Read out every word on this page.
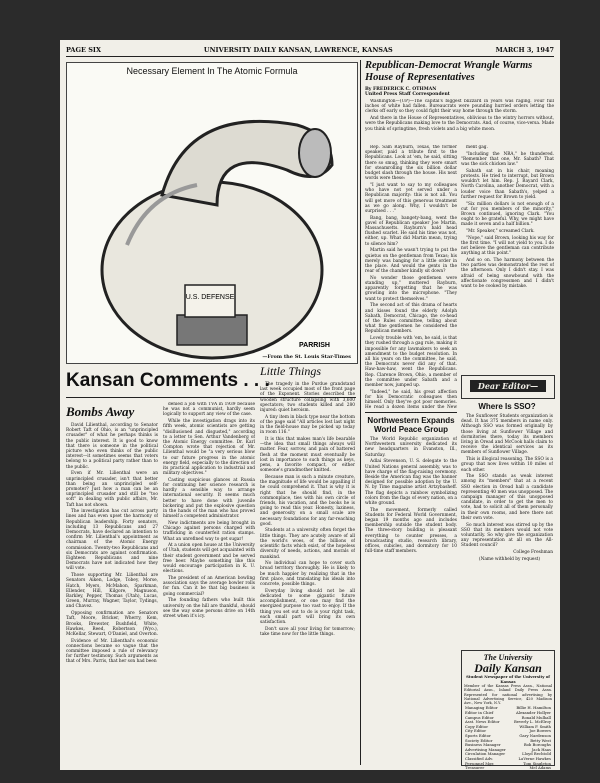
PAGE SIX	UNIVERSITY DAILY KANSAN, LAWRENCE, KANSAS	MARCH 3, 1947
Necessary Element In The Atomic Formula
U.S. DEFENSE
PARRISH
—From the St. Louis Star-Times
Kansan Comments . . .
Bombs Away

David Lilienthal, according to Senator Robert Taft of Ohio, is an "unprincipled crusader" of what he perhaps thinks is the public interest. It is good to know that there is someone in the political picture who even thinks of the public interest—it sometimes seems that voters belong to a political party rather than to the public.

Even if Mr. Lilienthal were an unprincipled crusader, isn't that better than being an unprincipled self-promoter? Just how a man can be an unprincipled crusader and still be "too soft" in dealing with public affairs, Mr. Taft has not shown.

The investigation has cut across party lines and has even upset the harmony of Republican leadership. Forty senators, including 13 Republicans and 27 Democrats, have declared an intention to confirm Mr. Lilienthal's appointment as chairman of the Atomic Energy commission. Twenty-two Republicans and six Democrats are against confirmation. Eighteen Republicans and nine Democrats have not indicated how they will vote.

Those supporting Mr. Lilienthal are Senators Aiken, Lodge, Tobey, Morse, Hatch, Myers, McMahon, Sparkman, Ellender, Hill, Kilgore, Magnuson, Barkley, Pepper, Thomas (Utah), Lucas, Green, Murray, Wagner, Taylor, Tydings, and Chavez.

Opposing confirmation are Senators Taft, Moore, Bricker, Wherry, Kem, Brooks, Brewster, Bushfield, White, Hawkes, Reed, Robertson (Wyo.), McKellar, Stewart, O'Daniel, and Overton.

Evidence of Mr. Lilienthal's economic connections became so vague that the committee imposed a rule of relevancy for further testimony. Such arguments as that of Mrs. Parris, that her son had been

denied a job with TVA in 1939 because he was not a communist, hardly seem logically to support any view of the case.

While the investigation drags into its fifth week, atomic scientists are getting "disillusioned and disgusted," according to a letter to Sen. Arthur Vandenberg of the Atomic Energy committee. Dr. Karl Compton wrote that rejection of Mr. Lilienthal would be "a very serious blow to our future progress in the atomic energy field, especially to the direction of its practical application to industrial and military objectives."

Casting suspicious glances at Russia for continuing her science research is hardly a sensible way to arrange international security. It seems much better to have done with juvenile bickering and put the explosive question in the hands of the man who has proved himself a competent administrator.

New indictments are being brought in Chicago against persons charged with trafficking in counterfeit ration stamps. What an unrefined way to get sugar!

At a union open house at the University of Utah, students will get acquainted with their student government and be served free beer. Maybe something like this would encourage participation in K. U. elections.

The president of an American bowling association says the average bowler rolls for fun. Can it be that big business is going commercial?

The founding fathers who built this university on the hill are thankful, should see the way some persons drive on 14th street when it's icy.

Little Things

The tragedy in the Purdue grandstand last week occupied most of the front page of the Exponent. Stories described the wooden structure collapsing with 3,600 spectators; two students killed and 280 injured: quiet heroism.

A tiny item in black type near the bottom of the page said "All articles lost last night in the field-house may be picked up today in room 116."

It is this that makes man's life bearable—the idea that small things always will matter. Fear, sorrow, and pain of battered flesh at the moment must eventually be lost in importance to such things as keys, pens, a favorite compact, or either someone's grandmother knitted.

Because man is such a minute creature, the magnitude of life would be appalling if he could comprehend it. That is why it is right that he should find, in the commonplace, ties with his own circle of friends, his vacation, and the books he is going to read this year. Honesty, laziness, and generosity on a small scale are necessary foundations for any far-reaching good.

Students at a university often forget the little things. They are acutely aware of all the world's woes, of the billions of scientific facts which exist, of the hopeless diversity of needs, actions, and morals of mankind.

No individual can hope to cover such broad territory thoroughly. He is likely to be much happier by realizing that in the first place, and translating his ideals into concrete, possible things.

Everyday living should not be all dedicated to some gigantic future accomplishment, or one may find the energized purpose too vast to enjoy. If the thing you set out to do is your right task, each small part will bring its own satisfaction.

Don't save all your living for tomorrow; take time now for the little things.

Republican-Democrat Wrangle Warms House of Representatives
By FREDERICK C. OTHMAN
United Press Staff Correspondent

Washington—(UP)—The capital's biggest blizzard in years was raging. Four full inches of white had fallen. Bureaucrats were pounding hurried orders letting the clerks off early so they could fight their way home through the storm.

And there in the House of Representatives, oblivious to the wintry horrors without, were the Republicans making love to the Democrats. And, of course, vice-versa. Made you think of springtime, fresh violets and a big white moon.

Rep. Sam Rayburn, Texas, the former speaker, paid a tribute first to the Republicans. Look at 'em, he said, sitting there so smug, thinking they were smart for steamrolling the six billion dollar budget slash through the house. His next words were these:

"I just want to say to my colleagues who have not yet served under a Republican majority: this is not all. You will get more of this generous treatment as we go along. Why, I wouldn't be surprised . . ."

Bang, bang, bangety-bang, went the gavel of Republican speaker Joe Martin, Massachusetts. Rayburn's bald head flushed scarlet. He said his time was not, either, up. What did Martin mean, trying to silence him?

Martin said he wasn't trying to put the quietus on the gentleman from Texas; his merely was banging for a little order in the place. And would the gents in the rear of the chamber kindly sit down?

No wonder those gentlemen were standing up," muttered Rayburn, apparently forgetting that he was growling into the microphone. "They want to protect themselves."

The second act of this drama of hearts and kisses found the elderly Adolph Sabath, Democrat, Chicago, the co-head of the Rules committee, telling about what fine gentlemen he considered the Republican members.

Lovely trouble with 'em, he said, is that they rushed through a gag rule, making it impossible for any lawmakers to seek an amendment to the budget resolution. In all his years on the committee, he said, the Democrats never did any of that. Haw-haw-haw, went the Republicans. Rep. Clarence Brown, Ohio, a member of the committee under Sabath and a member now, jumped up.

"Indeed," he said, his great affection for his Democratic colleagues then himself. Only they've got poor memories. He read a dozen items under the New

ment gag.

"Including the NRA," he thundered. "Remember that one, Mr. Sabath? That was the sick chicken law."

Sabath sat in his chair, moaning protests. He tried to interrupt, but Brown wouldn't let him. Rep. J. Bayard Clark, North Carolina, another Democrat, with a louder voice than Sabath's, yelped a further request for Brown to yield.

"Six million dollars is not enough of a cut for you members of the minority," Brown continued, ignoring Clark. "You ought to be grateful. Why, we might have made it seven and a half billion."

"Mr. Speaker," screamed Clark.

"Nope," said Brown, looking his way for the first time. "I will not yield to you. I do not believe the gentleman can contribute anything at this point."

And so on. The harmony between the two parties was demonstrated the rest of the afternoon. Only I didn't stay. I was afraid of being snowbound with the affectionate congressmen and I didn't want to be cooked by mistake.

Northwestern Expands World Peace Group

The World Republic organization of Northwestern university dedicated its new headquarters in Evanston, Ill., Saturday.

Adlai Stevenson, U. S. delegate to the United Nations general assembly, was to have charge of the flag-raising ceremony. Beside the American flag was the banner designed for possible adoption by the U. N. by Time magazine artist Artzybasheff. The flag depicts a rainbow symbolizing colors from the flags of every nation, on a white ground.

The movement, formerly called Students for Federal World Government, began 19 months ago and includes membership outside the student body. The three-story building is pleasant everything to counter presses, a broadcasting studio, research library, offices, cubicles, and dormitory for 10 full-time staff members.

Dear Editor—
Where Is SSO?

The Sunflower Students organization is dead. It has 375 members in name only. Although SSO was formed originally by those living at Sunflower Village and dormitories there, today its members living in Oread and McCook halls claim to receive the identical services as its members of Sunflower Village.

This is illogical reasoning. The SSO is a group that now lives within 10 miles of each other.

The SSO stands as weak interest among its "members" that at a recent SSO election in Oread hall a candidate representing 40 men was unopposed. The campaign manager of this unopposed candidate, in order to get the men to vote, had to solicit all of them personally in their own rooms, and here there not their own vote.

So much interest was stirred up by the SSO that its members would not vote voluntarily. So why give the organization any representation at all on the All-Student council?

College Freshman

(Name withheld by request)

The University
Daily Kansan
Student Newspaper of the University of Kansas
Member of the Kansas Press Assn., National Editorial Assn., Inland Daily Press Assn. Represented for national advertising by National Advertising Service, 420 Madison Ave., New York, N.Y.
Managing Editor	Billie H. Hamilton
Editor in Chief	Alexander Hollyer
Campus Editor	Ronald Mulhall
Asst. News Editor	Beverly L. McElroy
Copy Editor	William F. Smith
City Editor	Joe Bowers
Sports Editor	Gary Nardenson
Society Editor	Betty West
Business Manager	Bob Boroughs
Advertising Manager	Jack Haas
Circulation Manager	Lloyd Bechtold
Classified Adv.	LaVerne Hawkes
Personnel Mgr.	Tom Singleton
Treasurer	Mel Adams
